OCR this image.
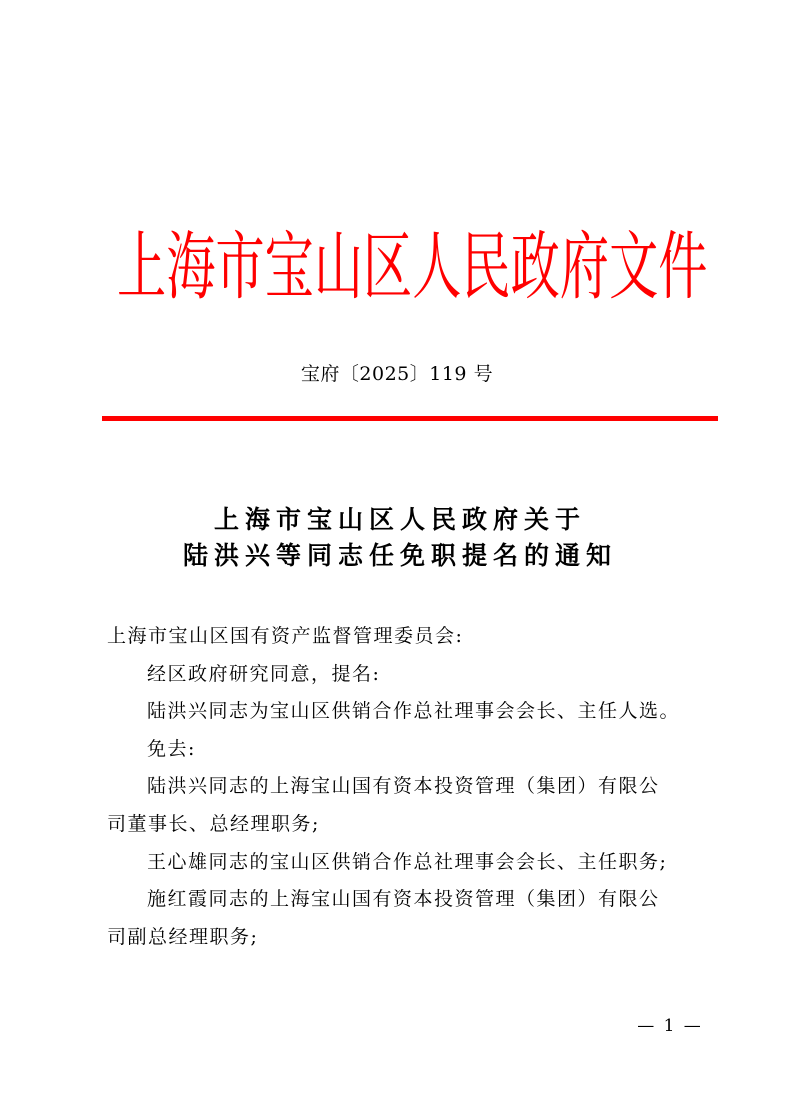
上海市宝山区人民政府文件
宝府〔2025〕119 号
上海市宝山区人民政府关于
陆洪兴等同志任免职提名的通知

上海市宝山区国有资产监督管理委员会:

经区政府研究同意，提名:

陆洪兴同志为宝山区供销合作总社理事会会长、主任人选。

免去:

陆洪兴同志的上海宝山国有资本投资管理（集团）有限公

司董事长、总经理职务;

王心雄同志的宝山区供销合作总社理事会会长、主任职务;

施红霞同志的上海宝山国有资本投资管理（集团）有限公

司副总经理职务;

— 1 —
